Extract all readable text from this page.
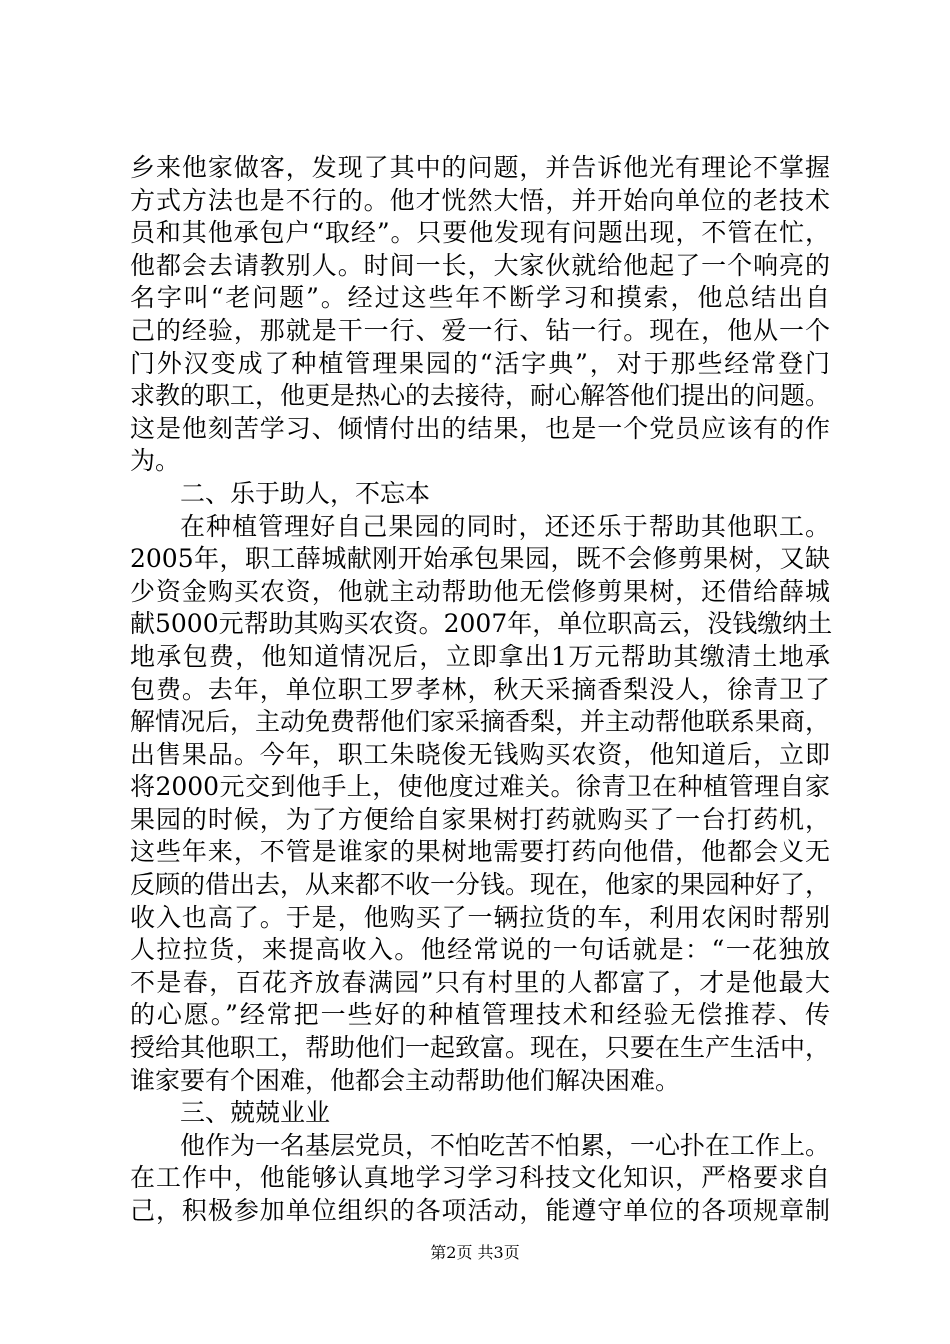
乡来他家做客，发现了其中的问题，并告诉他光有理论不掌握
方式方法也是不行的。他才恍然大悟，并开始向单位的老技术
员和其他承包户“取经”。只要他发现有问题出现，不管在忙，
他都会去请教别人。时间一长，大家伙就给他起了一个响亮的
名字叫“老问题”。经过这些年不断学习和摸索，他总结出自
己的经验，那就是干一行、爱一行、钻一行。现在，他从一个
门外汉变成了种植管理果园的“活字典”，对于那些经常登门
求教的职工，他更是热心的去接待，耐心解答他们提出的问题。
这是他刻苦学习、倾情付出的结果，也是一个党员应该有的作
为。
二、乐于助人，不忘本
在种植管理好自己果园的同时，还还乐于帮助其他职工。
2005年，职工薛城献刚开始承包果园，既不会修剪果树，又缺
少资金购买农资，他就主动帮助他无偿修剪果树，还借给薛城
献5000元帮助其购买农资。2007年，单位职高云，没钱缴纳土
地承包费，他知道情况后，立即拿出1万元帮助其缴清土地承
包费。去年，单位职工罗孝林，秋天采摘香梨没人，徐青卫了
解情况后，主动免费帮他们家采摘香梨，并主动帮他联系果商，
出售果品。今年，职工朱晓俊无钱购买农资，他知道后，立即
将2000元交到他手上，使他度过难关。徐青卫在种植管理自家
果园的时候，为了方便给自家果树打药就购买了一台打药机，
这些年来，不管是谁家的果树地需要打药向他借，他都会义无
反顾的借出去，从来都不收一分钱。现在，他家的果园种好了，
收入也高了。于是，他购买了一辆拉货的车，利用农闲时帮别
人拉拉货，来提高收入。他经常说的一句话就是：“一花独放
不是春，百花齐放春满园”只有村里的人都富了，才是他最大
的心愿。”经常把一些好的种植管理技术和经验无偿推荐、传
授给其他职工，帮助他们一起致富。现在，只要在生产生活中，
谁家要有个困难，他都会主动帮助他们解决困难。
三、兢兢业业
他作为一名基层党员，不怕吃苦不怕累，一心扑在工作上。
在工作中，他能够认真地学习学习科技文化知识，严格要求自
己，积极参加单位组织的各项活动，能遵守单位的各项规章制
第2页 共3页
